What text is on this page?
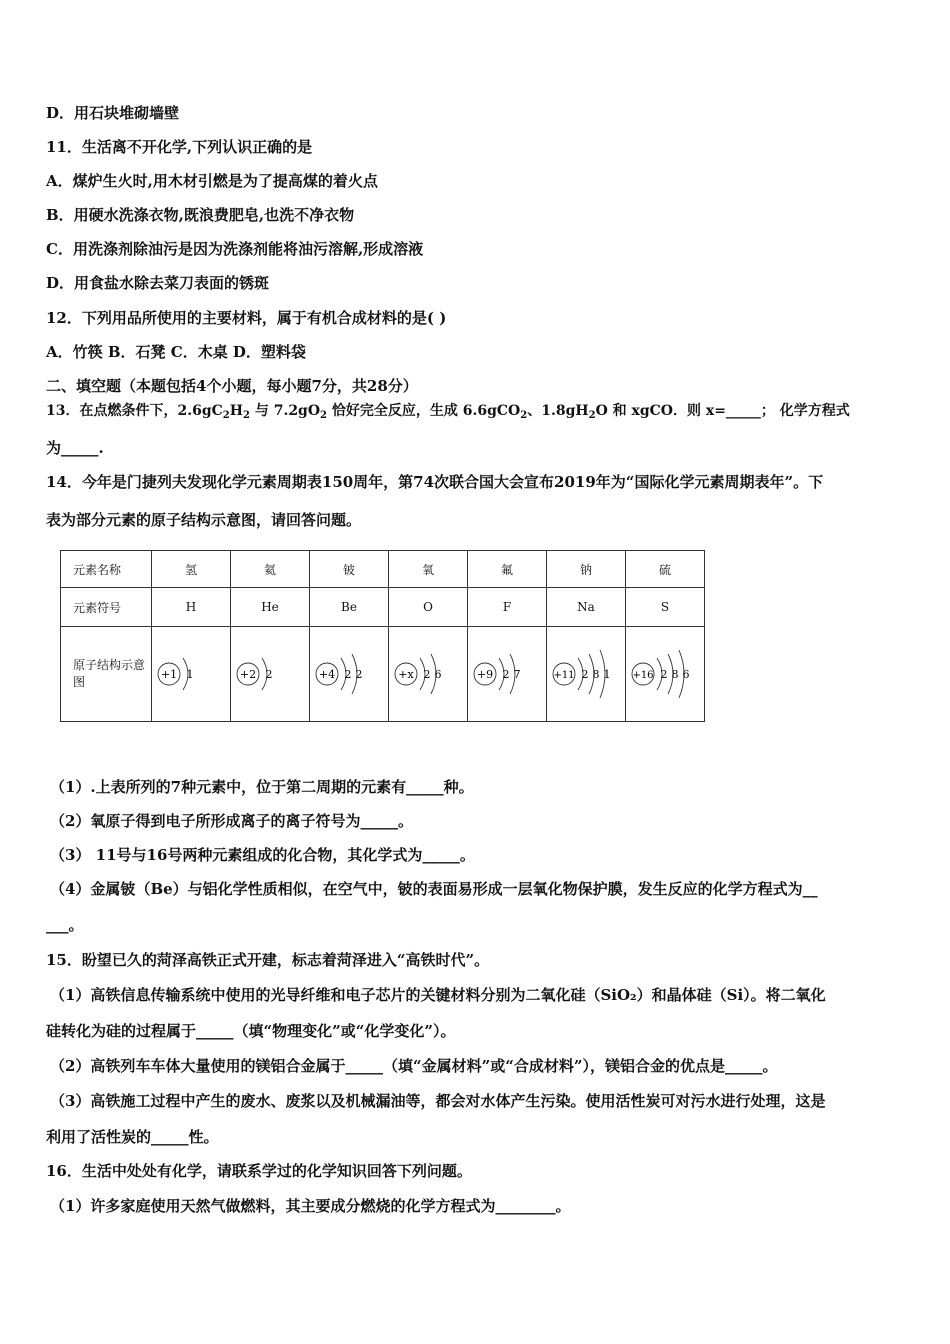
D．用石块堆砌墙壁
11．生活离不开化学,下列认识正确的是
A．煤炉生火时,用木材引燃是为了提高煤的着火点
B．用硬水洗涤衣物,既浪费肥皂,也洗不净衣物
C．用洗涤剂除油污是因为洗涤剂能将油污溶解,形成溶液
D．用食盐水除去菜刀表面的锈斑
12．下列用品所使用的主要材料，属于有机合成材料的是( )
A．竹筷 B．石凳 C．木桌 D．塑料袋
二、填空题（本题包括4个小题，每小题7分，共28分）
13．在点燃条件下，$2.6gC_2H_2$ 与 $7.2gO_2$ 恰好完全反应，生成 6.6gCO$_2$、$1.8gH_2O$ 和 xgCO．则 x=_____； 化学方程式
为_____.
14．今年是门捷列夫发现化学元素周期表150周年，第74次联合国大会宣布2019年为“国际化学元素周期表年”。下
表为部分元素的原子结构示意图，请回答问题。
元素名称	氢	氦	铍	氧	氟	钠	硫
元素符号	H	He	Be	O	F	Na	S
原子结构示意图	+1 1	+2 2	+4 2 2	+x 2 6	+9 2 7	+11 2 8 1	+16 2 8 6
（1）.上表所列的7种元素中，位于第二周期的元素有_____种。
（2）氧原子得到电子所形成离子的离子符号为_____。
（3） 11号与16号两种元素组成的化合物，其化学式为_____。
（4）金属铍（Be）与铝化学性质相似，在空气中，铍的表面易形成一层氧化物保护膜，发生反应的化学方程式为__
___。
15．盼望已久的菏泽高铁正式开建，标志着菏泽进入“高铁时代”。
（1）高铁信息传输系统中使用的光导纤维和电子芯片的关键材料分别为二氧化硅（SiO₂）和晶体硅（Si）。将二氧化
硅转化为硅的过程属于_____（填“物理变化”或“化学变化”）。
（2）高铁列车车体大量使用的镁铝合金属于_____（填“金属材料”或“合成材料”），镁铝合金的优点是_____。
（3）高铁施工过程中产生的废水、废浆以及机械漏油等，都会对水体产生污染。使用活性炭可对污水进行处理，这是
利用了活性炭的_____性。
16．生活中处处有化学，请联系学过的化学知识回答下列问题。
（1）许多家庭使用天然气做燃料，其主要成分燃烧的化学方程式为________。
